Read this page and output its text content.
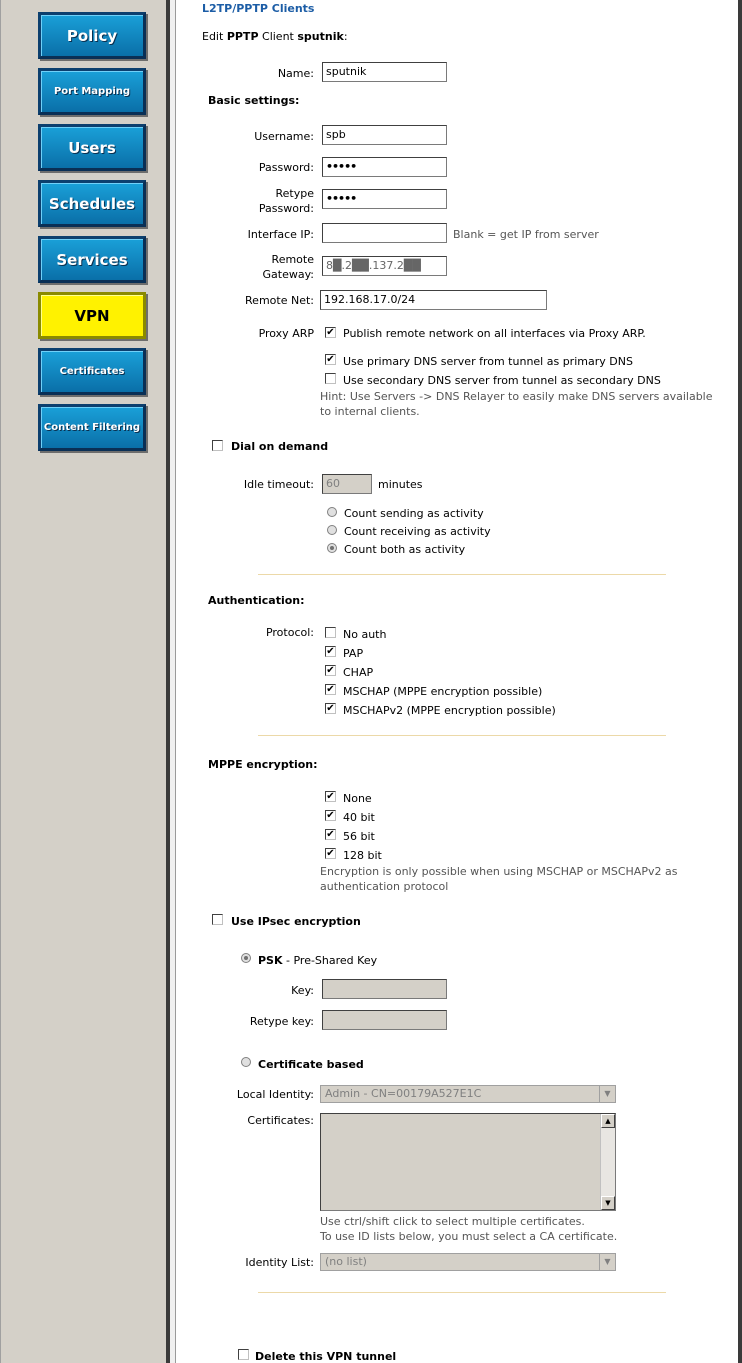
Policy
Port Mapping
Users
Schedules
Services
VPN
Certificates
Content Filtering
L2TP/PPTP Clients
Edit PPTP Client sputnik:
Name:	sputnik
Basic settings:
Username:	spb
Password:	•••••
Retype
Password:
•••••
Interface IP:	Blank = get IP from server
Remote
Gateway:
8█.2██.137.2██
Remote Net: 192.168.17.0/24
Proxy ARP ✔ Publish remote network on all interfaces via Proxy ARP.
✔ Use primary DNS server from tunnel as primary DNS
Use secondary DNS server from tunnel as secondary DNS
Hint: Use Servers -> DNS Relayer to easily make DNS servers available
to internal clients.
Dial on demand
Idle timeout:	60	minutes
Count sending as activity
Count receiving as activity
Count both as activity
Authentication:
Protocol:	No auth
✔ PAP
✔ CHAP
✔ MSCHAP (MPPE encryption possible)
✔ MSCHAPv2 (MPPE encryption possible)
MPPE encryption:
✔ None
✔ 40 bit
✔ 56 bit
✔ 128 bit
Encryption is only possible when using MSCHAP or MSCHAPv2 as
authentication protocol
Use IPsec encryption
PSK - Pre-Shared Key
Key:
Retype key:
Certificate based
Local Identity:	Admin - CN=00179A527E1C	▼
Certificates:	▲
▼
Use ctrl/shift click to select multiple certificates.
To use ID lists below, you must select a CA certificate.
Identity List:	(no list)	▼
Delete this VPN tunnel
